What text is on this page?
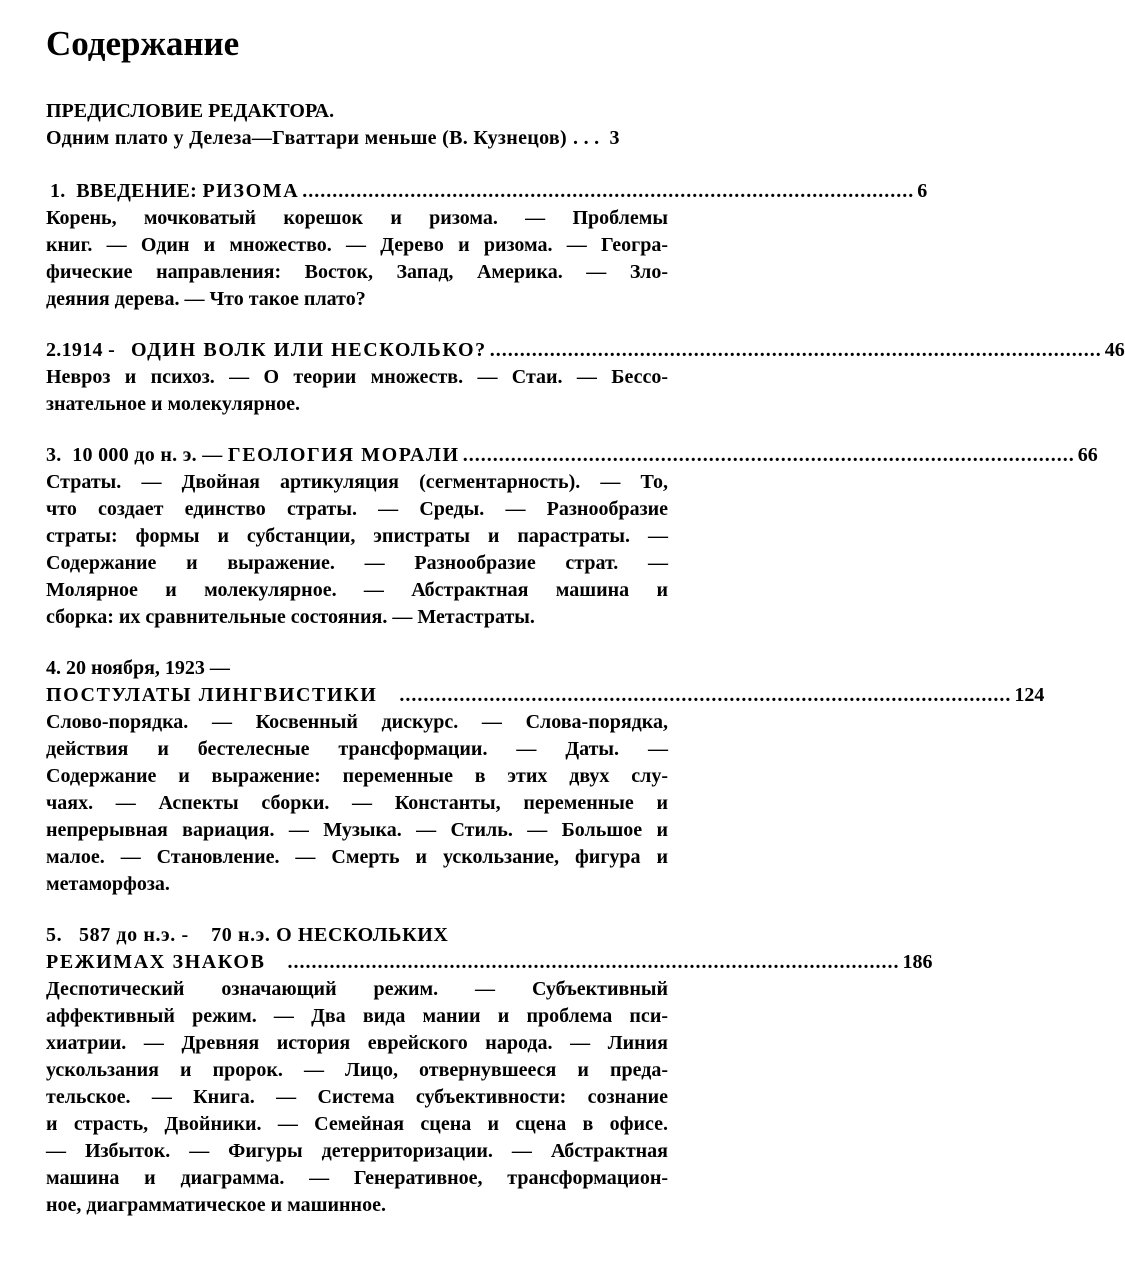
Содержание
ПРЕДИСЛОВИЕ РЕДАКТОРА.
Одним плато у Делеза—Гваттари меньше (В. Кузнецов) . . . 3
1.  ВВЕДЕНИЕ: РИЗОМА ...................................................................................................... 6
Корень, мочковатый корешок и ризома. — Проблемы
книг. — Один и множество. — Дерево и ризома. — Геогра-
фические направления: Восток, Запад, Америка. — Зло-
деяния дерева. — Что такое плато?
2.1914 - ОДИН ВОЛК ИЛИ НЕСКОЛЬКО? ...................................................................................................... 46
Невроз и психоз. — О теории множеств. — Стаи. — Бессо-
знательное и молекулярное.
3.  10 000 до н. э. — ГЕОЛОГИЯ МОРАЛИ ...................................................................................................... 66
Страты. — Двойная артикуляция (сегментарность). — То,
что создает единство страты. — Среды. — Разнообразие
страты: формы и субстанции, эпистраты и парастраты. —
Содержание и выражение. — Разнообразие страт. —
Молярное и молекулярное. — Абстрактная машина и
сборка: их сравнительные состояния. — Метастраты.
4. 20 ноября, 1923 —
ПОСТУЛАТЫ ЛИНГВИСТИКИ ...................................................................................................... 124
Слово-порядка. — Косвенный дискурс. — Слова-порядка,
действия и бестелесные трансформации. — Даты. —
Содержание и выражение: переменные в этих двух слу-
чаях. — Аспекты сборки. — Константы, переменные и
непрерывная вариация. — Музыка. — Стиль. — Большое и
малое. — Становление. — Смерть и ускользание, фигура и
метаморфоза.
5.   587 до н.э. -    70 н.э. О НЕСКОЛЬКИХ
РЕЖИМАХ ЗНАКОВ ...................................................................................................... 186
Деспотический означающий режим. — Субъективный
аффективный режим. — Два вида мании и проблема пси-
хиатрии. — Древняя история еврейского народа. — Линия
ускользания и пророк. — Лицо, отвернувшееся и преда-
тельское. — Книга. — Система субъективности: сознание
и страсть, Двойники. — Семейная сцена и сцена в офисе.
— Избыток. — Фигуры детерриторизации. — Абстрактная
машина и диаграмма. — Генеративное, трансформацион-
ное, диаграмматическое и машинное.
